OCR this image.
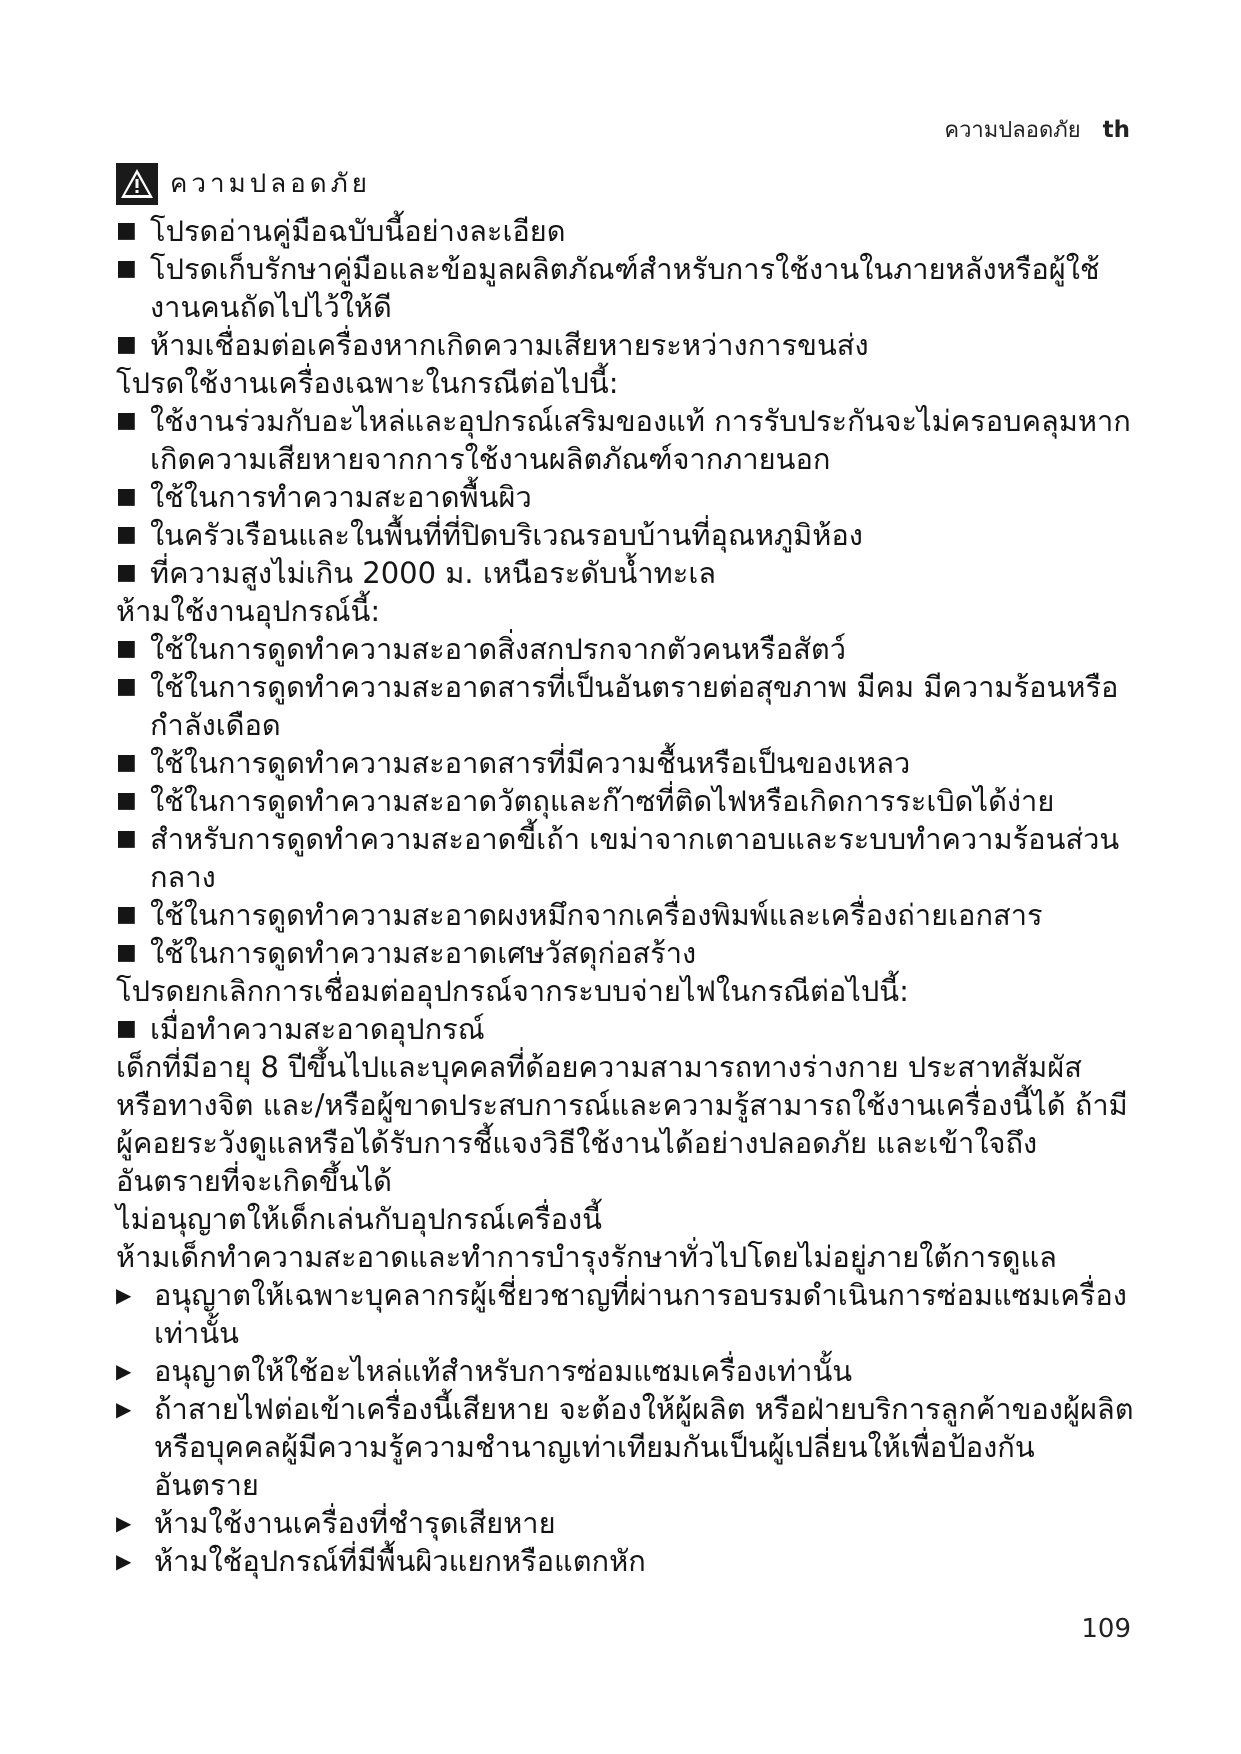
ความปลอดภัย th
ความปลอดภัย
■ โปรดอ่านคู่มือฉบับนี้อย่างละเอียด
■ โปรดเก็บรักษาคู่มือและข้อมูลผลิตภัณฑ์สำหรับการใช้งานในภายหลังหรือผู้ใช้งานคนถัดไปไว้ให้ดี
■ ห้ามเชื่อมต่อเครื่องหากเกิดความเสียหายระหว่างการขนส่ง

โปรดใช้งานเครื่องเฉพาะในกรณีต่อไปนี้:

■ ใช้งานร่วมกับอะไหล่และอุปกรณ์เสริมของแท้ การรับประกันจะไม่ครอบคลุมหากเกิดความเสียหายจากการใช้งานผลิตภัณฑ์จากภายนอก
■ ใช้ในการทำความสะอาดพื้นผิว
■ ในครัวเรือนและในพื้นที่ที่ปิดบริเวณรอบบ้านที่อุณหภูมิห้อง
■ ที่ความสูงไม่เกิน 2000 ม. เหนือระดับน้ำทะเล

ห้ามใช้งานอุปกรณ์นี้:

■ ใช้ในการดูดทำความสะอาดสิ่งสกปรกจากตัวคนหรือสัตว์
■ ใช้ในการดูดทำความสะอาดสารที่เป็นอันตรายต่อสุขภาพ มีคม มีความร้อนหรือกำลังเดือด
■ ใช้ในการดูดทำความสะอาดสารที่มีความชื้นหรือเป็นของเหลว
■ ใช้ในการดูดทำความสะอาดวัตถุและก๊าซที่ติดไฟหรือเกิดการระเบิดได้ง่าย
■ สำหรับการดูดทำความสะอาดขี้เถ้า เขม่าจากเตาอบและระบบทำความร้อนส่วนกลาง
■ ใช้ในการดูดทำความสะอาดผงหมึกจากเครื่องพิมพ์และเครื่องถ่ายเอกสาร
■ ใช้ในการดูดทำความสะอาดเศษวัสดุก่อสร้าง

โปรดยกเลิกการเชื่อมต่ออุปกรณ์จากระบบจ่ายไฟในกรณีต่อไปนี้:

■ เมื่อทำความสะอาดอุปกรณ์

เด็กที่มีอายุ 8 ปีขึ้นไปและบุคคลที่ด้อยความสามารถทางร่างกาย ประสาทสัมผัส หรือทางจิต และ/หรือผู้ขาดประสบการณ์และความรู้สามารถใช้งานเครื่องนี้ได้ ถ้ามีผู้คอยระวังดูแลหรือได้รับการชี้แจงวิธีใช้งานได้อย่างปลอดภัย และเข้าใจถึงอันตรายที่จะเกิดขึ้นได้

ไม่อนุญาตให้เด็กเล่นกับอุปกรณ์เครื่องนี้

ห้ามเด็กทำความสะอาดและทำการบำรุงรักษาทั่วไปโดยไม่อยู่ภายใต้การดูแล

▶ อนุญาตให้เฉพาะบุคลากรผู้เชี่ยวชาญที่ผ่านการอบรมดำเนินการซ่อมแซมเครื่องเท่านั้น
▶ อนุญาตให้ใช้อะไหล่แท้สำหรับการซ่อมแซมเครื่องเท่านั้น
▶ ถ้าสายไฟต่อเข้าเครื่องนี้เสียหาย จะต้องให้ผู้ผลิต หรือฝ่ายบริการลูกค้าของผู้ผลิตหรือบุคคลผู้มีความรู้ความชำนาญเท่าเทียมกันเป็นผู้เปลี่ยนให้เพื่อป้องกันอันตราย
▶ ห้ามใช้งานเครื่องที่ชำรุดเสียหาย
▶ ห้ามใช้อุปกรณ์ที่มีพื้นผิวแยกหรือแตกหัก
109
